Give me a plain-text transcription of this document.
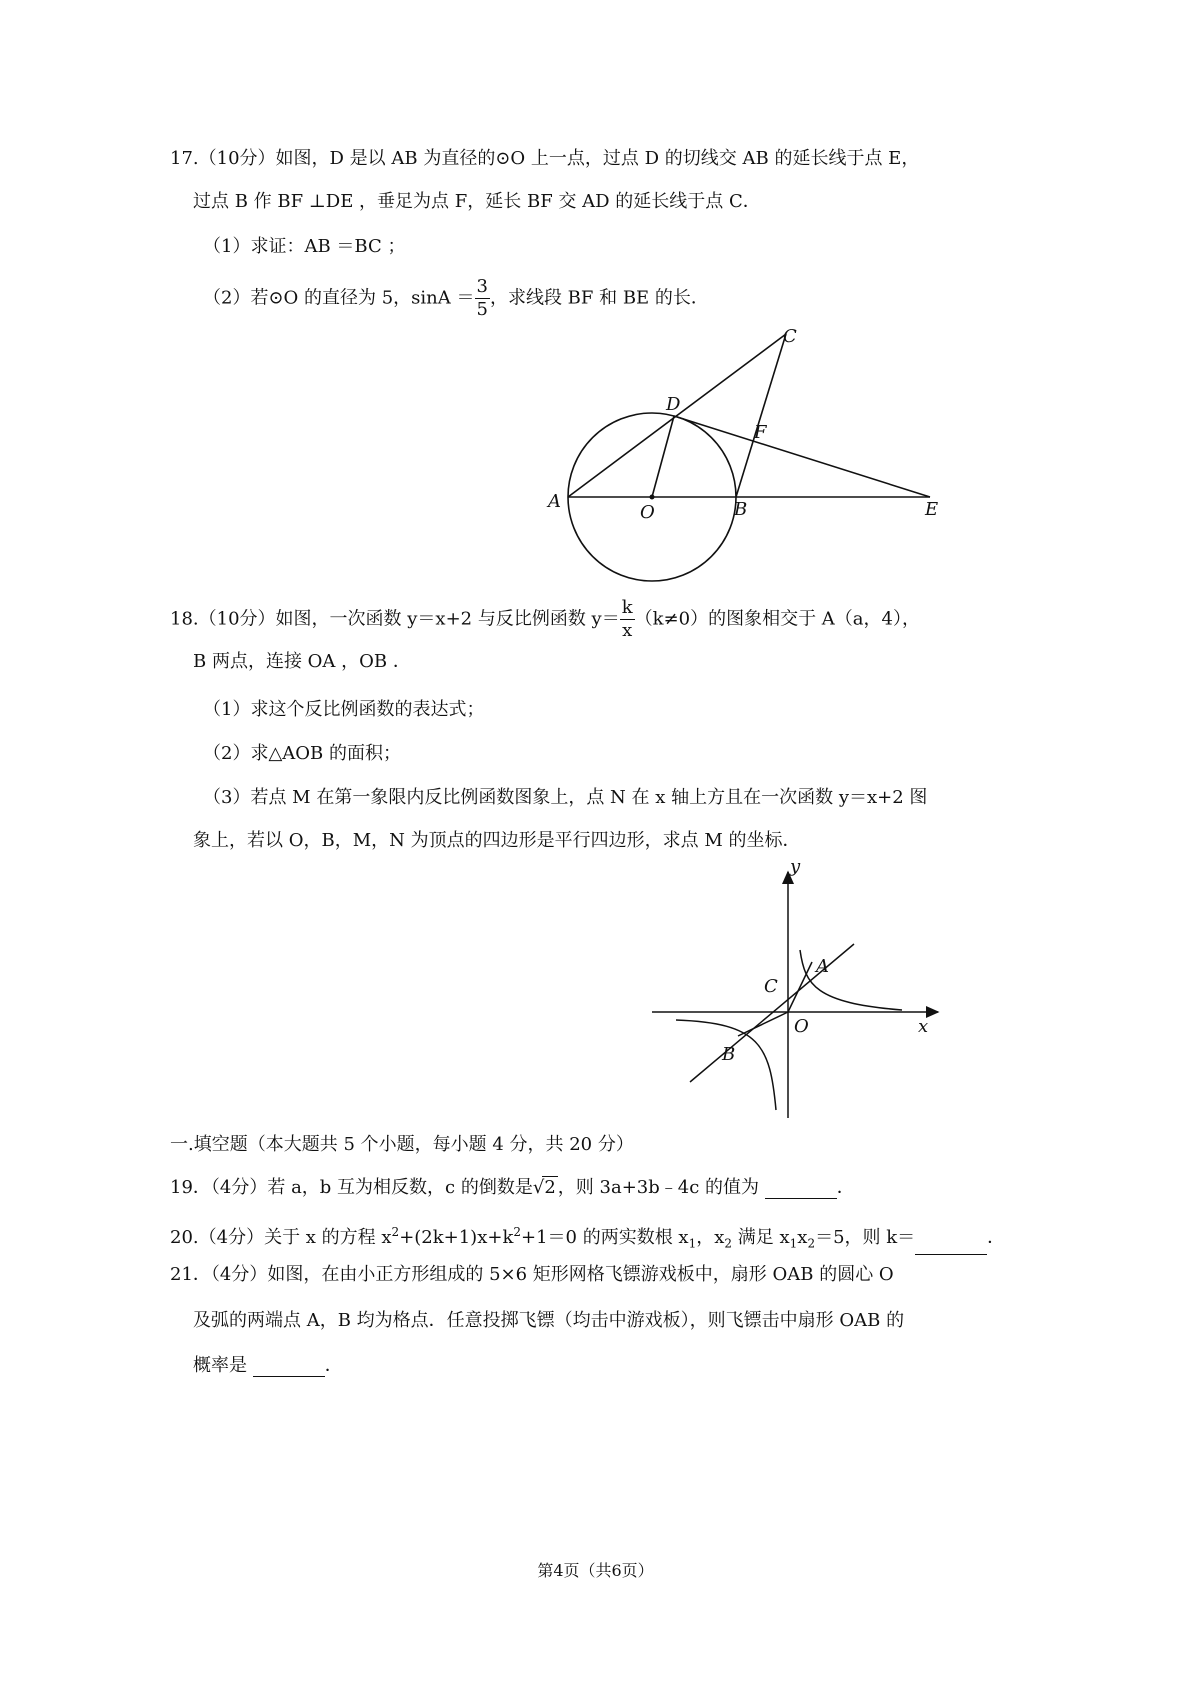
17.（10分）如图，D 是以 AB 为直径的⊙O 上一点，过点 D 的切线交 AB 的延长线于点 E，
过点 B 作 BF ⊥DE ，垂足为点 F，延长 BF 交 AD 的延长线于点 C．
（1）求证：AB ＝BC ；
（2）若⊙O 的直径为 5，$\sin A = \frac{3}{5}$ ，求线段 BF 和 BE 的长．
A
O	B	E
D
F
C
18.（10分）如图，一次函数 y＝x+2 与反比例函数 $y= \frac{k}{x} (k\ne 0)$的图象相交于 A（a，4），
B 两点，连接 OA ，OB ．
（1）求这个反比例函数的表达式；
（2）求△AOB 的面积；
（3）若点 M 在第一象限内反比例函数图象上，点 N 在 x 轴上方且在一次函数 y＝x+2 图
象上，若以 O，B，M，N 为顶点的四边形是平行四边形，求点 M 的坐标．
y
x
A
C
O
B
一.填空题（本大题共 5 个小题，每小题 4 分，共 20 分）
19．（4分）若 a，b 互为相反数，c 的倒数是√2 ，则 3a+3b﹣4c 的值为	．
20.（4分）关于 x 的方程 $x^2+(2k+1)x+k^2+1=0$ 的两实数根 $x_1$，$x_2$ 满足 $x_1x_2=5$，则 k＝	．
21．（4分）如图，在由小正方形组成的 5×6 矩形网格飞镖游戏板中，扇形 OAB 的圆心 O
及弧的两端点 A，B 均为格点．任意投掷飞镖（均击中游戏板），则飞镖击中扇形 OAB 的
概率是	．
第4页（共6页）
